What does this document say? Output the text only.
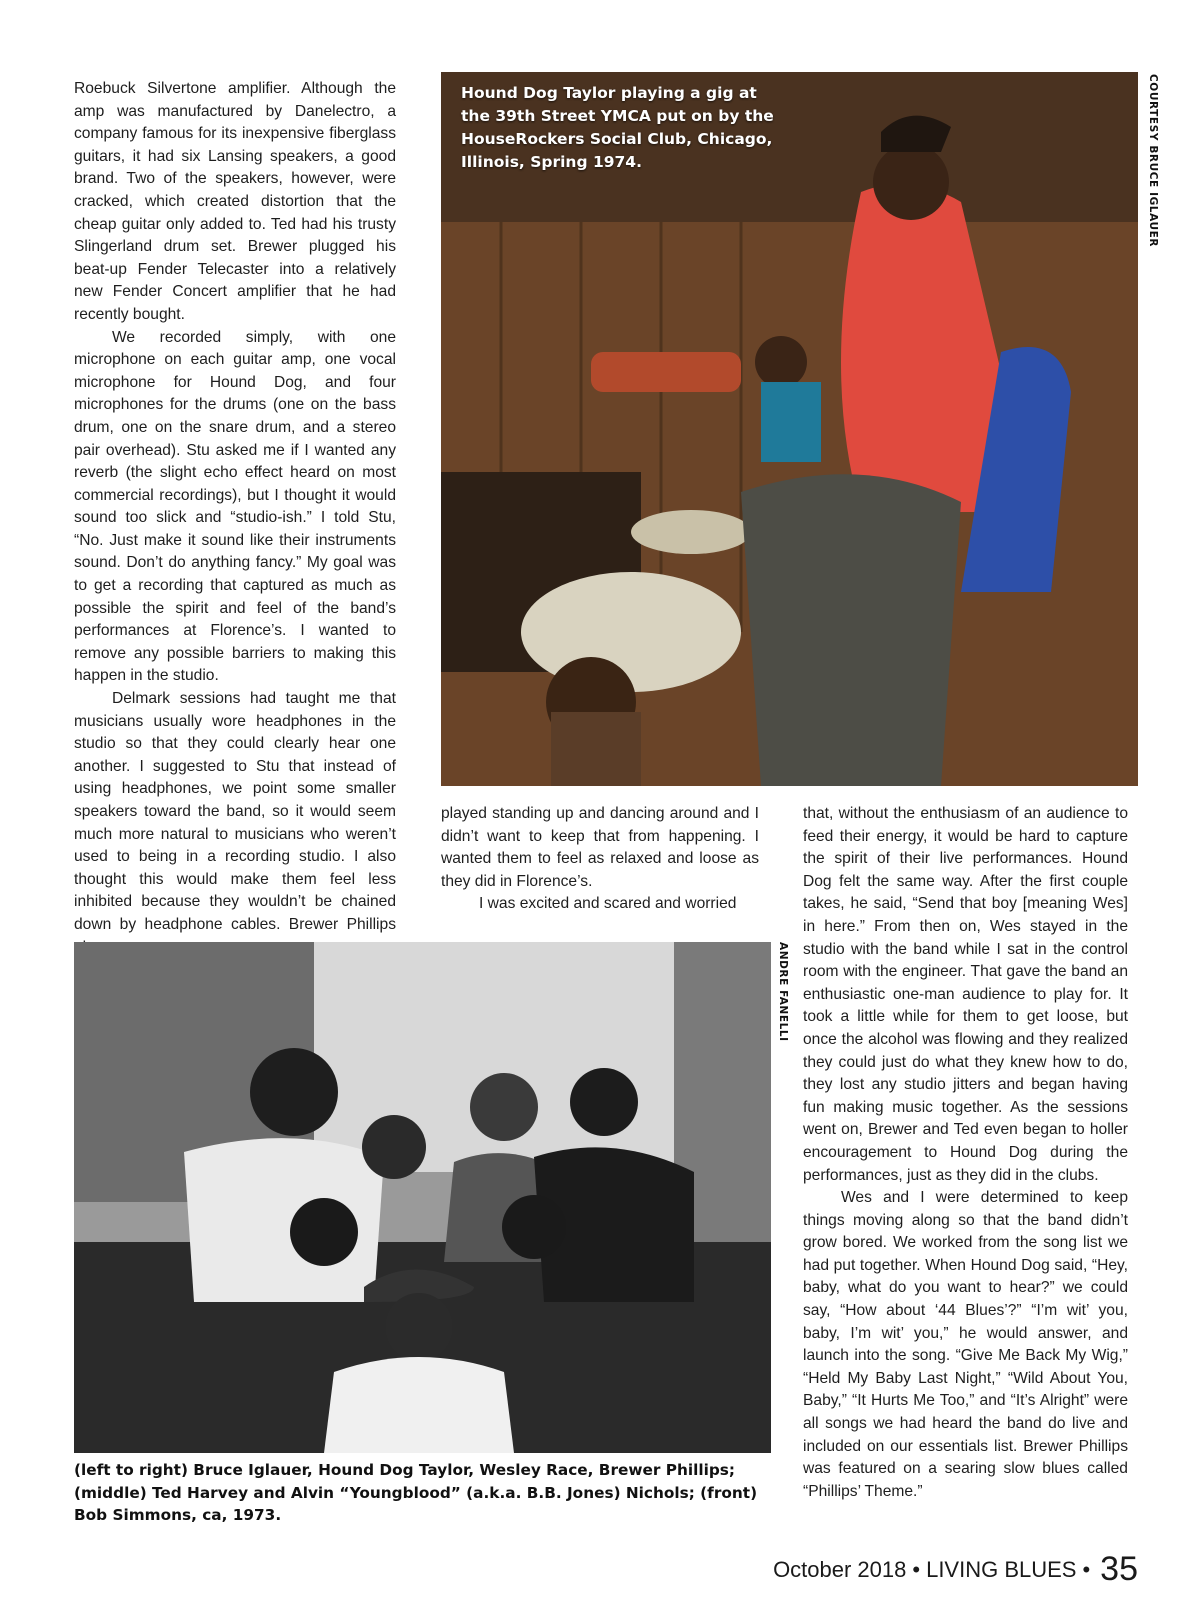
Roebuck Silvertone amplifier. Although the amp was manufactured by Danelectro, a company famous for its inexpensive fiberglass guitars, it had six Lansing speakers, a good brand. Two of the speakers, however, were cracked, which created distortion that the cheap guitar only added to. Ted had his trusty Slingerland drum set. Brewer plugged his beat-up Fender Telecaster into a relatively new Fender Concert amplifier that he had recently bought.

We recorded simply, with one microphone on each guitar amp, one vocal microphone for Hound Dog, and four microphones for the drums (one on the bass drum, one on the snare drum, and a stereo pair overhead). Stu asked me if I wanted any reverb (the slight echo effect heard on most commercial recordings), but I thought it would sound too slick and “studio-ish.” I told Stu, “No. Just make it sound like their instruments sound. Don’t do anything fancy.” My goal was to get a recording that captured as much as possible the spirit and feel of the band’s performances at Florence’s. I wanted to remove any possible barriers to making this happen in the studio.

Delmark sessions had taught me that musicians usually wore headphones in the studio so that they could clearly hear one another. I suggested to Stu that instead of using headphones, we point some smaller speakers toward the band, so it would seem much more natural to musicians who weren’t used to being in a recording studio. I also thought this would make them feel less inhibited because they wouldn’t be chained down by headphone cables. Brewer Phillips

Hound Dog Taylor playing a gig at the 39th Street YMCA put on by the HouseRockers Social Club, Chicago, Illinois, Spring 1974.	COURTESY BRUCE IGLAUER

played standing up and dancing around and I didn’t want to keep that from happening. I wanted them to feel as relaxed and loose as they did in Florence’s.

I was excited and scared and worried

that, without the enthusiasm of an audience to feed their energy, it would be hard to capture the spirit of their live performances. Hound Dog felt the same way. After the first couple takes, he said, “Send that boy [meaning Wes] in here.” From then on, Wes stayed in the studio with the band while I sat in the control room with the engineer. That gave the band an enthusiastic one-man audience to play for. It took a little while for them to get loose, but once the alcohol was flowing and they realized they could just do what they knew how to do, they lost any studio jitters and began having fun making music together. As the sessions went on, Brewer and Ted even began to holler encouragement to Hound Dog during the performances, just as they did in the clubs.

Wes and I were determined to keep things moving along so that the band didn’t grow bored. We worked from the song list we had put together. When Hound Dog said, “Hey, baby, what do you want to hear?” we could say, “How about ‘44 Blues’?” “I’m wit’ you, baby, I’m wit’ you,” he would answer, and launch into the song. “Give Me Back My Wig,” “Held My Baby Last Night,” “Wild About You, Baby,” “It Hurts Me Too,” and “It’s Alright” were all songs we had heard the band do live and included on our essentials list. Brewer Phillips was featured on a searing slow blues called “Phillips’ Theme.”

ANDRE FANELLI
(left to right) Bruce Iglauer, Hound Dog Taylor, Wesley Race, Brewer Phillips; (middle) Ted Harvey and Alvin “Youngblood” (a.k.a. B.B. Jones) Nichols; (front) Bob Simmons, ca, 1973.
October 2018 • LIVING BLUES • 35
